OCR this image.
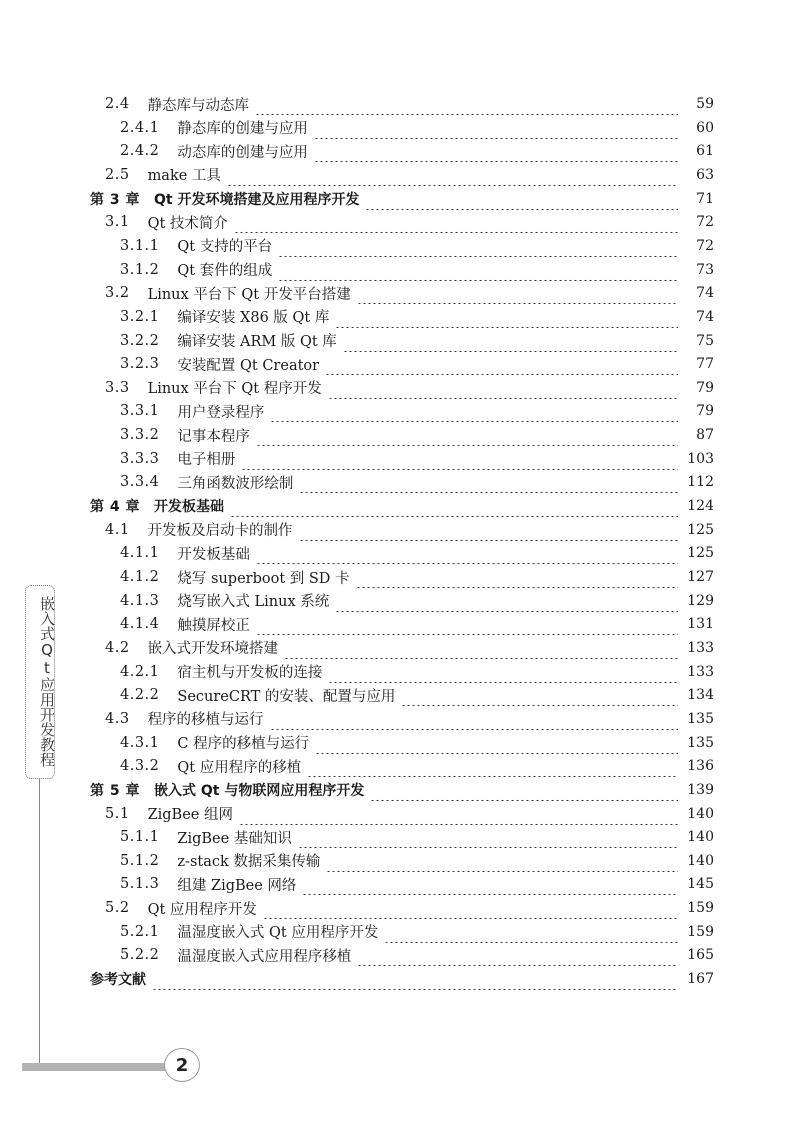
2.4 静态库与动态库	59
2.4.1 静态库的创建与应用	60
2.4.2 动态库的创建与应用	61
2.5 make 工具	63
第 3 章 Qt 开发环境搭建及应用程序开发	71
3.1 Qt 技术简介	72
3.1.1 Qt 支持的平台	72
3.1.2 Qt 套件的组成	73
3.2 Linux 平台下 Qt 开发平台搭建	74
3.2.1 编译安装 X86 版 Qt 库	74
3.2.2 编译安装 ARM 版 Qt 库	75
3.2.3 安装配置 Qt Creator	77
3.3 Linux 平台下 Qt 程序开发	79
3.3.1 用户登录程序	79
3.3.2 记事本程序	87
3.3.3 电子相册	103
3.3.4 三角函数波形绘制	112
第 4 章 开发板基础	124
4.1 开发板及启动卡的制作	125
4.1.1 开发板基础	125
4.1.2 烧写 superboot 到 SD 卡	127
4.1.3 烧写嵌入式 Linux 系统	129
4.1.4 触摸屏校正	131
4.2 嵌入式开发环境搭建	133
4.2.1 宿主机与开发板的连接	133
4.2.2 SecureCRT 的安装、配置与应用	134
4.3 程序的移植与运行	135
4.3.1 C 程序的移植与运行	135
4.3.2 Qt 应用程序的移植	136
第 5 章 嵌入式 Qt 与物联网应用程序开发	139
5.1 ZigBee 组网	140
5.1.1 ZigBee 基础知识	140
5.1.2 z-stack 数据采集传输	140
5.1.3 组建 ZigBee 网络	145
5.2 Qt 应用程序开发	159
5.2.1 温湿度嵌入式 Qt 应用程序开发	159
5.2.2 温湿度嵌入式应用程序移植	165
参考文献	167
嵌入式Qt应用开发教程
2
